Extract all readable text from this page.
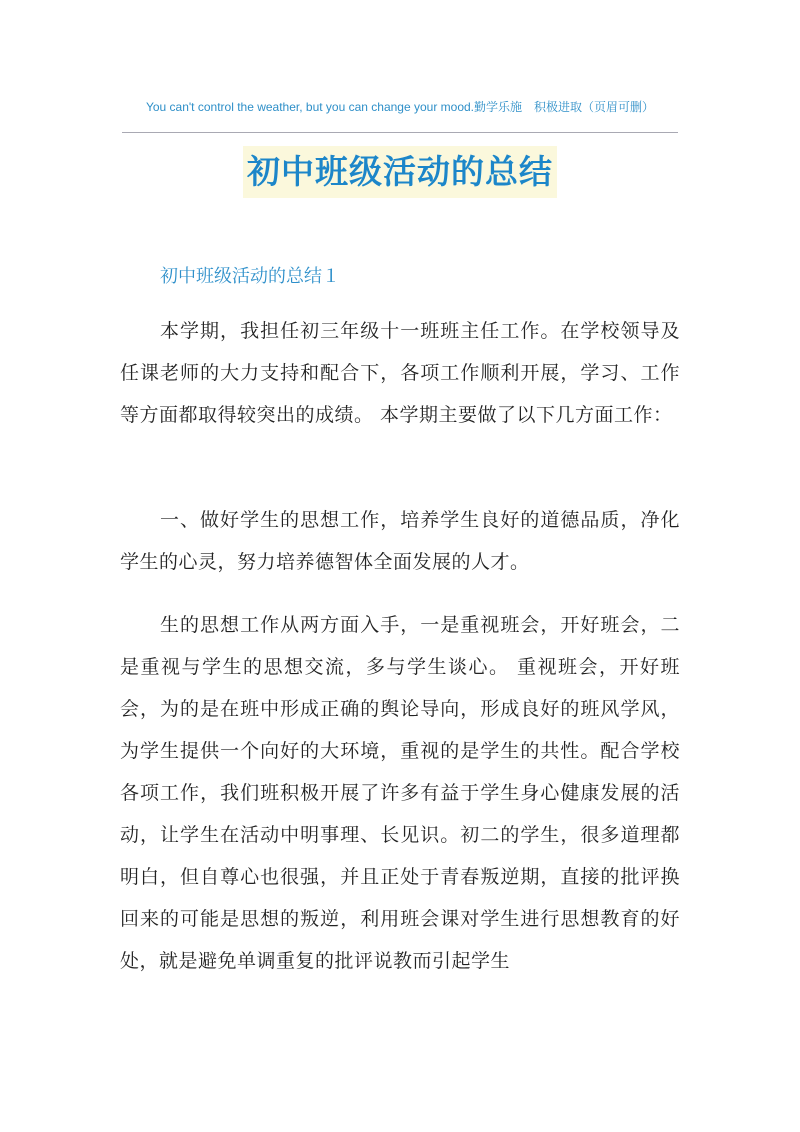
You can't control the weather, but you can change your mood.勤学乐施　积极进取（页眉可删）
初中班级活动的总结
初中班级活动的总结１

本学期，我担任初三年级十一班班主任工作。在学校领导及任课老师的大力支持和配合下，各项工作顺利开展，学习、工作等方面都取得较突出的成绩。 本学期主要做了以下几方面工作：

一、做好学生的思想工作，培养学生良好的道德品质，净化学生的心灵，努力培养德智体全面发展的人才。

生的思想工作从两方面入手，一是重视班会，开好班会，二是重视与学生的思想交流，多与学生谈心。 重视班会，开好班会，为的是在班中形成正确的舆论导向，形成良好的班风学风，为学生提供一个向好的大环境，重视的是学生的共性。配合学校各项工作，我们班积极开展了许多有益于学生身心健康发展的活动，让学生在活动中明事理、长见识。初二的学生，很多道理都明白，但自尊心也很强，并且正处于青春叛逆期，直接的批评换回来的可能是思想的叛逆，利用班会课对学生进行思想教育的好处，就是避免单调重复的批评说教而引起学生
